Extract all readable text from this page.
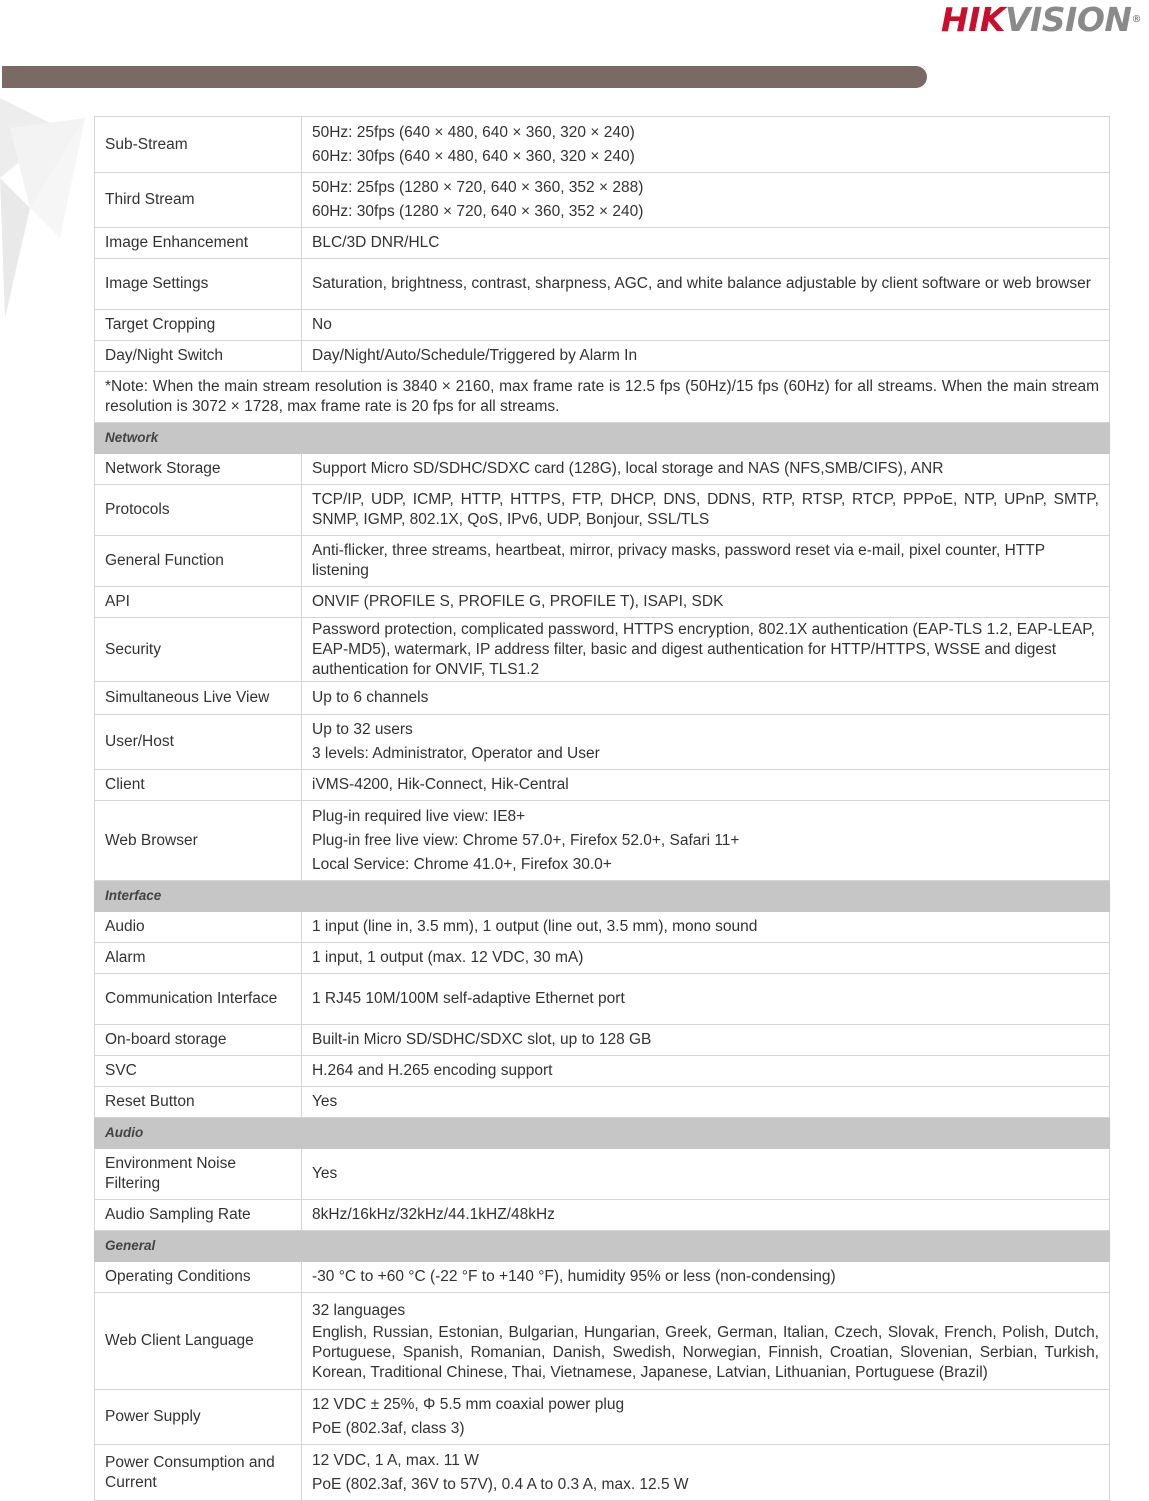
HIKVISION®
Sub-Stream	50Hz: 25fps (640 × 480, 640 × 360, 320 × 240)
60Hz: 30fps (640 × 480, 640 × 360, 320 × 240)

Third Stream	50Hz: 25fps (1280 × 720, 640 × 360, 352 × 288)
60Hz: 30fps (1280 × 720, 640 × 360, 352 × 240)

Image Enhancement	BLC/3D DNR/HLC

Image Settings	Saturation, brightness, contrast, sharpness, AGC, and white balance adjustable by client software or web browser

Target Cropping	No

Day/Night Switch	Day/Night/Auto/Schedule/Triggered by Alarm In

*Note: When the main stream resolution is 3840 × 2160, max frame rate is 12.5 fps (50Hz)/15 fps (60Hz) for all streams. When the main stream resolution is 3072 × 1728, max frame rate is 20 fps for all streams.	
Network	
Network Storage	Support Micro SD/SDHC/SDXC card (128G), local storage and NAS (NFS,SMB/CIFS), ANR

Protocols	TCP/IP, UDP, ICMP, HTTP, HTTPS, FTP, DHCP, DNS, DDNS, RTP, RTSP, RTCP, PPPoE, NTP, UPnP, SMTP, SNMP, IGMP, 802.1X, QoS, IPv6, UDP, Bonjour, SSL/TLS

General Function	Anti-flicker, three streams, heartbeat, mirror, privacy masks, password reset via e-mail, pixel counter, HTTP listening

API	ONVIF (PROFILE S, PROFILE G, PROFILE T), ISAPI, SDK

Security	Password protection, complicated password, HTTPS encryption, 802.1X authentication (EAP-TLS 1.2, EAP-LEAP, EAP-MD5), watermark, IP address filter, basic and digest authentication for HTTP/HTTPS, WSSE and digest authentication for ONVIF, TLS1.2

Simultaneous Live View	Up to 6 channels

User/Host	Up to 32 users
3 levels: Administrator, Operator and User

Client	iVMS-4200, Hik-Connect, Hik-Central

Web Browser	Plug-in required live view: IE8+
Plug-in free live view: Chrome 57.0+, Firefox 52.0+, Safari 11+
Local Service: Chrome 41.0+, Firefox 30.0+

Interface	
Audio	1 input (line in, 3.5 mm), 1 output (line out, 3.5 mm), mono sound

Alarm	1 input, 1 output (max. 12 VDC, 30 mA)

Communication Interface	1 RJ45 10M/100M self-adaptive Ethernet port

On-board storage	Built-in Micro SD/SDHC/SDXC slot, up to 128 GB

SVC	H.264 and H.265 encoding support

Reset Button	Yes

Audio	
Environment Noise Filtering	Yes

Audio Sampling Rate	8kHz/16kHz/32kHz/44.1kHZ/48kHz

General	
Operating Conditions	-30 °C to +60 °C (-22 °F to +140 °F), humidity 95% or less (non-condensing)

Web Client Language	32 languages
English, Russian, Estonian, Bulgarian, Hungarian, Greek, German, Italian, Czech, Slovak, French, Polish, Dutch, Portuguese, Spanish, Romanian, Danish, Swedish, Norwegian, Finnish, Croatian, Slovenian, Serbian, Turkish, Korean, Traditional Chinese, Thai, Vietnamese, Japanese, Latvian, Lithuanian, Portuguese (Brazil)

Power Supply	12 VDC ± 25%, Φ 5.5 mm coaxial power plug
PoE (802.3af, class 3)

Power Consumption and Current	12 VDC, 1 A, max. 11 W
PoE (802.3af, 36V to 57V), 0.4 A to 0.3 A, max. 12.5 W
